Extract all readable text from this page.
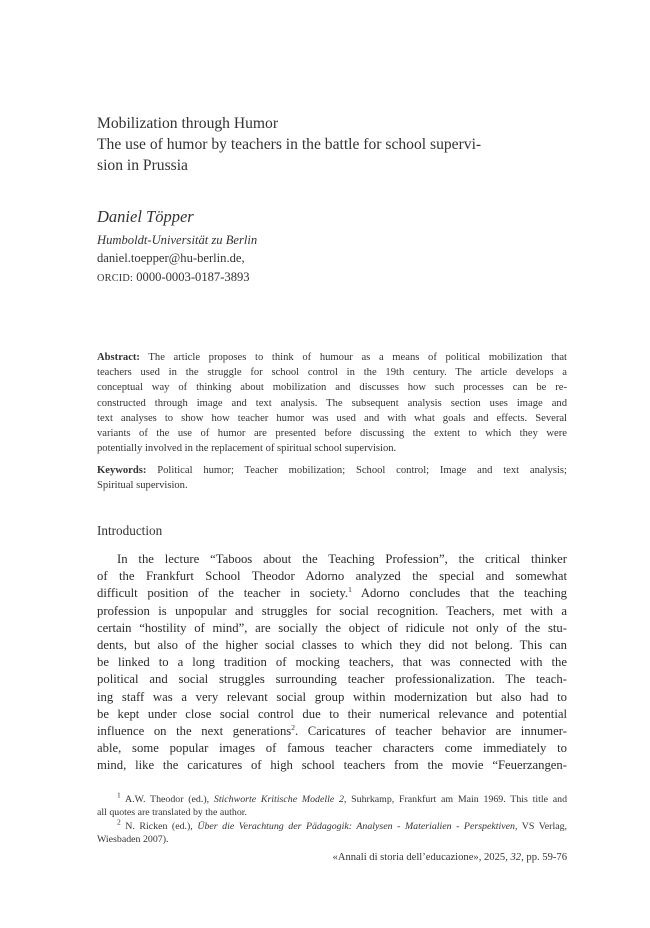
Mobilization through Humor
The use of humor by teachers in the battle for school supervi-
sion in Prussia
Daniel Töpper
Humboldt-Universität zu Berlin
daniel.toepper@hu-berlin.de,
ORCID: 0000-0003-0187-3893
Abstract: The article proposes to think of humour as a means of political mobilization that
teachers used in the struggle for school control in the 19th century. The article develops a
conceptual way of thinking about mobilization and discusses how such processes can be re-
constructed through image and text analysis. The subsequent analysis section uses image and
text analyses to show how teacher humor was used and with what goals and effects. Several
variants of the use of humor are presented before discussing the extent to which they were
potentially involved in the replacement of spiritual school supervision.
Keywords: Political humor; Teacher mobilization; School control; Image and text analysis;
Spiritual supervision.
Introduction
In the lecture “Taboos about the Teaching Profession”, the critical thinker
of the Frankfurt School Theodor Adorno analyzed the special and somewhat
difficult position of the teacher in society.$^1$ Adorno concludes that the teaching
profession is unpopular and struggles for social recognition. Teachers, met with a
certain “hostility of mind”, are socially the object of ridicule not only of the stu-
dents, but also of the higher social classes to which they did not belong. This can
be linked to a long tradition of mocking teachers, that was connected with the
political and social struggles surrounding teacher professionalization. The teach-
ing staff was a very relevant social group within modernization but also had to
be kept under close social control due to their numerical relevance and potential
influence on the next generations$^2$. Caricatures of teacher behavior are innumer-
able, some popular images of famous teacher characters come immediately to
mind, like the caricatures of high school teachers from the movie “Feuerzangen-
$^1$ A.W. Theodor (ed.), Stichworte Kritische Modelle 2, Suhrkamp, Frankfurt am Main 1969. This title and
all quotes are translated by the author.
$^2$ N. Ricken (ed.), Über die Verachtung der Pädagogik: Analysen - Materialien - Perspektiven, VS Verlag,
Wiesbaden 2007).
«Annali di storia dell’educazione», 2025, 32, pp. 59-76
